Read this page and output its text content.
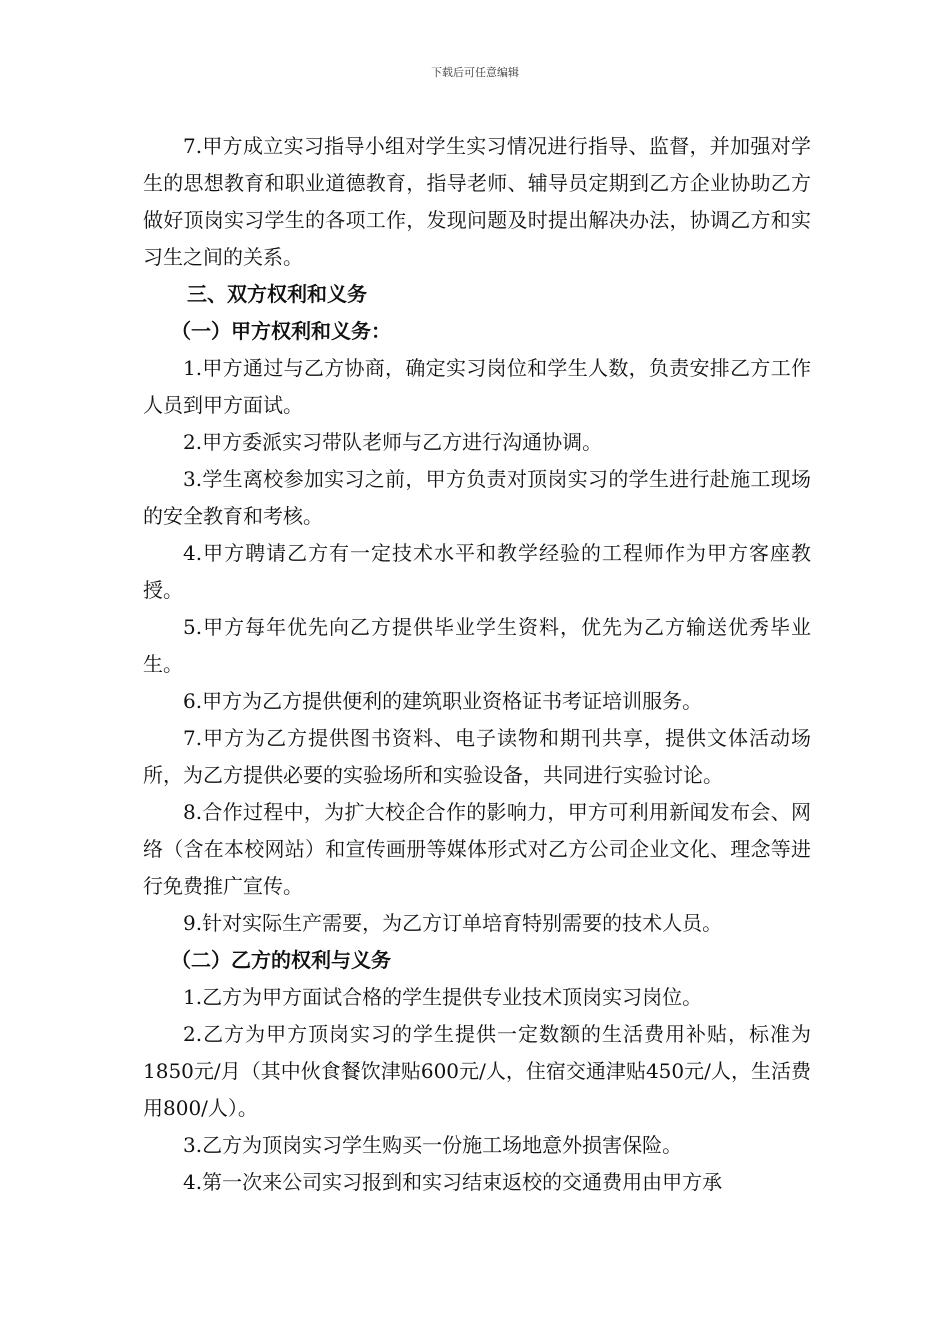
下载后可任意编辑

7.甲方成立实习指导小组对学生实习情况进行指导、监督，并加强对学生的思想教育和职业道德教育，指导老师、辅导员定期到乙方企业协助乙方做好顶岗实习学生的各项工作，发现问题及时提出解决办法，协调乙方和实习生之间的关系。

三、双方权利和义务

（一）甲方权利和义务：

1.甲方通过与乙方协商，确定实习岗位和学生人数，负责安排乙方工作人员到甲方面试。

2.甲方委派实习带队老师与乙方进行沟通协调。

3.学生离校参加实习之前，甲方负责对顶岗实习的学生进行赴施工现场的安全教育和考核。

4.甲方聘请乙方有一定技术水平和教学经验的工程师作为甲方客座教授。

5.甲方每年优先向乙方提供毕业学生资料，优先为乙方输送优秀毕业生。

6.甲方为乙方提供便利的建筑职业资格证书考证培训服务。

7.甲方为乙方提供图书资料、电子读物和期刊共享，提供文体活动场所，为乙方提供必要的实验场所和实验设备，共同进行实验讨论。

8.合作过程中，为扩大校企合作的影响力，甲方可利用新闻发布会、网络（含在本校网站）和宣传画册等媒体形式对乙方公司企业文化、理念等进行免费推广宣传。

9.针对实际生产需要，为乙方订单培育特别需要的技术人员。

（二）乙方的权利与义务

1.乙方为甲方面试合格的学生提供专业技术顶岗实习岗位。

2.乙方为甲方顶岗实习的学生提供一定数额的生活费用补贴，标准为1850元/月（其中伙食餐饮津贴600元/人，住宿交通津贴450元/人，生活费用800/人）。

3.乙方为顶岗实习学生购买一份施工场地意外损害保险。

4.第一次来公司实习报到和实习结束返校的交通费用由甲方承
